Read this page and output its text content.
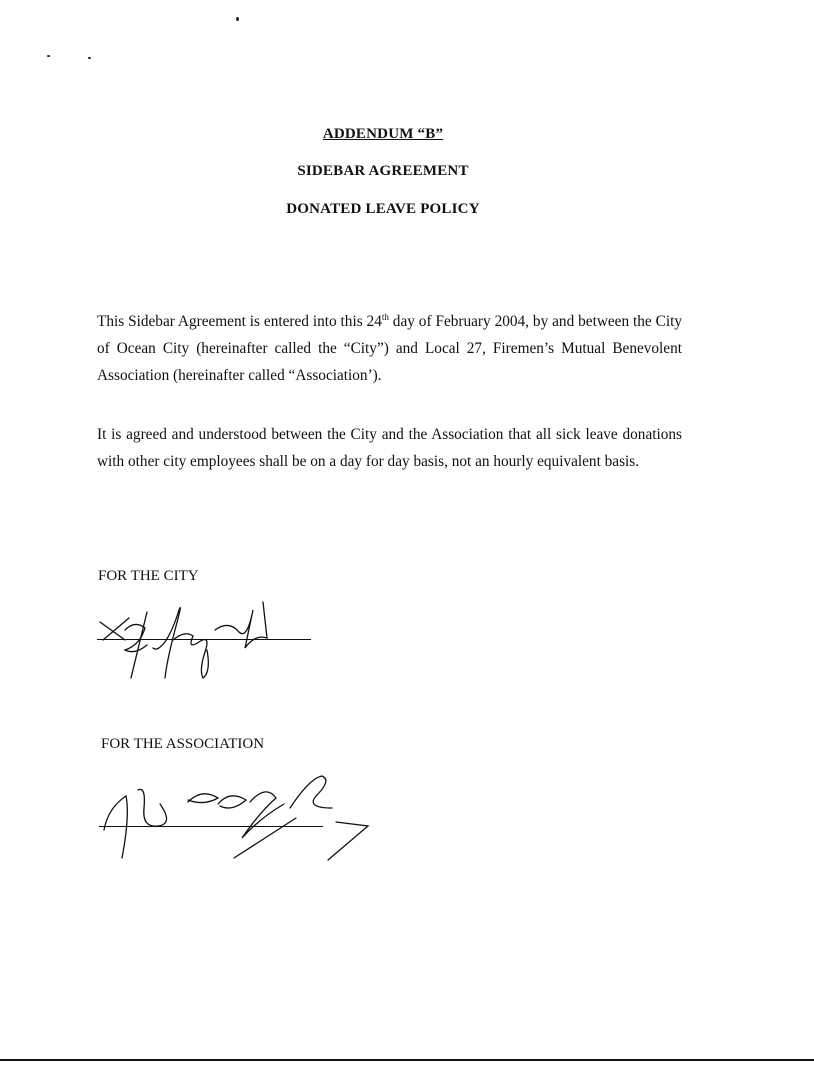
ADDENDUM “B”
SIDEBAR AGREEMENT
DONATED LEAVE POLICY
This Sidebar Agreement is entered into this 24th day of February 2004, by and between the City of Ocean City (hereinafter called the “City”) and Local 27, Firemen’s Mutual Benevolent Association (hereinafter called “Association’).
It is agreed and understood between the City and the Association that all sick leave donations with other city employees shall be on a day for day basis, not an hourly equivalent basis.
FOR THE CITY
FOR THE ASSOCIATION
